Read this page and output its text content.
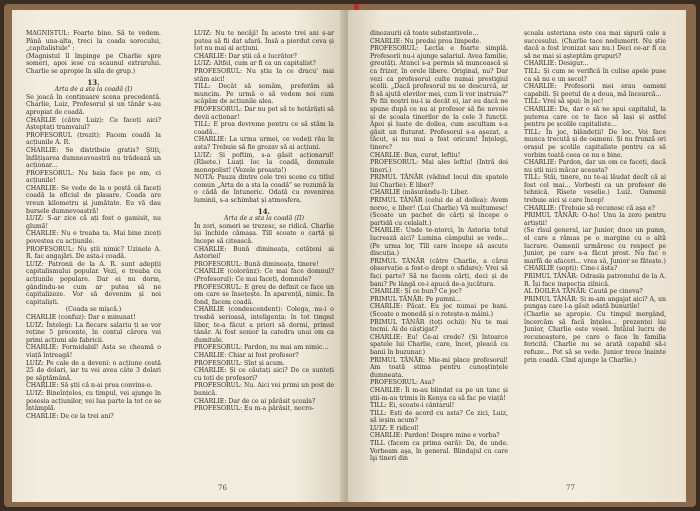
MAGNISTUL: Foarte bine. Să te vedem. Până una-alta, treci la coada sorocului, „capitalistule" :

(Magnistul îl împinge pe Charlie spre someri, apoi iese cu scaunul extrarului. Charlie se apropie în sila de grup.)

13.

Arta de a sta la coadă (I)

Se joacă în continuare scena precedentă. Charlie, Luiz, Profesorul și un tânăr s-au apropiat de coadă.

CHARLIE (către Luiz): Ce faceți aici? Așteptați tramvaiul?

PROFESORUL (trezit): Facem coadă la acțiunile A. R.

CHARLIE: Se distribuie gratis? Știți, înfățișarea dumneavoastră nu trădează un acționar...

PROFESORUL: Nu baia face pe om, ci acțiunile!

CHARLIE: Se vede de la o poștă că faceți coadă la oficiul de plasare. Coada are vreun kilometru și jumătate. Eu vă dau bursele dumnevoastră!

LUIZ: S-ar zice că ați fost o gamisit, nu glumă!

CHARLIE: Nu e treaba ta. Mai bine ziceți povestea cu acțiunile.

PROFESORUL: Nu știi nimic? Uzinele A. R. fac angajări. De asta-i coadă.

LUIZ: Patronii de la A. R. sunt adepții capitalismului popular. Vezi, e treaba cu acțiunile populare. Dar ei nu dorm, gândindu-se cum ar putea să ne capitalizeze. Vor să devenim și noi capitaliști.

(Coada se mișcă.)

CHARLIE (confuz): Dar e minunat!

LUIZ: Înțelegi: La fiecare salariu ți se vor reține 5 procente, în contul cărora vei primi acțiuni ale fabricii.

CHARLIE: Formidabil! Asta se cheamă o viață întreagă!

LUIZ: Pe cale de a deveni: o acțiune costă 25 de dolari, iar tu vei avea câte 3 dolari pe săptămână.

CHARLIE: Să știi că n-ai prea convins-o.

LUIZ: Bineînțeles, cu timpul, vei ajunge în posesia acțiunilor, vei lua parte la tot ce se întâmplă.

CHARLIE: De ce la trei ani?

LUIZ: Nu te necăji! În aceste trei ani s-ar putea să fii dat afară. Însă a pierdut ceva și tot nu mai ai acțiuni.

CHARLIE: Dar știi că e lucrător?

LUIZ: Altfel, cum ar fi ca un capitalist?

PROFESORUL: Nu știu la ce dracu' mai stăm aici!

TILL: Decât să somăm, preferăm să muncim. Pe urmă o să vedem noi cum scăpăm de acțiunile alea.

PROFESORUL: Dar nu pot să te hotărăști să devii acționar!

TILL: E prea devreme pentru ce să stăm la coadă...

CHARLIE: La urma urmei, ce vedeți rău în asta? Trebuie să fie grozav să ai acțiuni.

LUIZ: Și poftim, s-a găsit acționarul! (Rîsete.) Luați loc la coadă, domnule monopolist! (Vezele proasta!)

NOTA: Pauza dintre cele trei scene cu titlul comun „Arta de a sta la coadă" se rezumă la o cădă de întuneric. Odată cu revenirea luminii, s-a schimbat și atmosfera.

14.

Arta de a sta la coadă (II)

În zori, someri se trezesc, se ridică. Charlie își închide cămașa. Till scoate o cartă și începe să citească.

CHARLIE: Bună dimineața, cetățeni ai Astoriei!

PROFESORUL: Bună dimineața, tinere!

CHARLIE (colorânz): Ce mai face domnul? (Profesorul): Ce mai faceți, domnule?

PROFESORUL: E greu de definit ce face un om care se însoțește. În aparență, nimic. În fond, facem coadă.

CHARLIE (condescendent): Colega, nu-i o treabă serioasă, inteligența: în tot timpul liber, te-a făcut a priori să dormi, primul tânăr. Ai fost senior la catedra unui om ca dumitale.

PROFESORUL: Pardon, nu mai am nimic...

CHARLIE: Chiar ai fost profesor?

PROFESORUL: Sînt și acum.

CHARLIE: Și ce căutați aici? De ce sunteți cu toți de profesori?

PROFESORUL: Nu. Aici vei primi un post de bunică.

CHARLIE: Dar de ce ai părăsit școala?

PROFESORUL: Eu m-a părăsit, necro-

76

dinozaurii că toate substantivele...

CHARLIE: Nu predai proa limpede.

PROFESORUL: Lectia e foarte simplă. Profesorii nu-i ajunge salariul. Avea familie, greutăți. Atunci s-a permis să muncească și ca frizer, în orele libere. Original, nu? Dar vezi ca profesorul culte numai prestigiul școlii. „Dacă profesorul nu se descurcă, ar fi să ajută elevilor mei, cum îi vor instruia?" Pe fiii noștri nu-i ia decât ei, iar eu dacă ne spune după ce nu ai profesor să fie nevoie și de școala tinerilor de la cele 3 funcții. Apoi și luate de doilea, cum ascultam s-a găsit un fluturat. Profesorul s-a așezat, a tăcut, și nu mai a fost oricum! Înțelegi, tinere?

CHARLIE: Bun, curat, leftiu!

PROFESORUL: Mai ales leftiu! (Intră doi tineri.)

PRIMUL TÂNĂR (vădind locul din spatele lui Charlie): E liber?

CHARLIE (măsurându-l): Liber.

PRIMUL TÂNĂR (celui de al doilea): Avem noroc, e liber! (Lui Charlie) Vă mulțumesc! (Scoate un pachet de cărți și începe o partidă cu celalalt.)

CHARLIE: Unde te-ntorci, în Astoria totul lucrează aici? Lumina câmpului se vede... (Pe urma lor, Tîll care începe să ascute discuția.)

PRIMUL TÂNĂR (către Charlie, a cărui observație a fost-o drept o sfidare): Vrei să faci parte? Să ne facem cărți, deci și de bani? Pe lângă ce-i apucă de-a jucătura.

CHARLIE: Și ce bun? Ce joc?

PRIMUL TÂNĂR: Pe pumni...

CHARLIE: Păcat. Eu joc numai pe bani. (Scoate o monedă și o rotește-n mâini.)

PRIMUL TÂNĂR (toți ochii): Nu te mai tocmi. Ai de câștigat?

CHARLIE: Eu! Ce-ai crede? (Și întoarce spatele lui Charlie, care, încet, pleacă cu banii în buzunar.)

PRIMUL TÂNĂR: Mie-mi place profesorul! Am toată stima pentru cunoștințele dumneata.

PROFESORUL: Asa?

CHARLIE: Îi m-au blindat ca pe un tanc și știi-m-au trimis în Kenya ca să fac pe viață!

TILL: Ei, scoate-i cântarul!

TILL: Ești de acord cu asta? Ce zici, Luiz, să ieșim acum?

LUIZ: E ridicol!

CHARLIE: Pardon! Despre mine e vorba?

TILL (facem ca prima oară): Da, de unde. Vorbeam aşa, în general. Blindajul cu care îşi tineri din

școala asteriana este cea mai sigură cale a succesului. (Charlie tace nedumerit. Nu știe dacă a fost ironizat sau nu.) Deci ce-ar fi ca să ne mai și așteptăm grupuri?

CHARLIE: Desigur...

TILL: Și cum se verifică în culise apele puse ca să nu e un secol?

CHARLIE: Profesorii mei erau oameni capabili. Și poetul de a doua, mă încearcă...

TILL: Vrei să spui: în joc!

CHARLIE: Da, dar o să ne spui capitalul, la puterea care ce te face să lași și astfel pentru pe școlile capitaliste...

TILL: În joc, blândeții! De loc. Voi face munca trecută și de oameni. Și nu frunză ori orașul pe școlile capitaliste pentru ca să vorbim toată ceea ce nu e bine.

CHARLIE: Pardon, dar un om ce faceți, dacă nu știi nici măcar aceasta?

TILL: Stăi, tinere, nu te-ai lăudat decît că ai fost cel mai... Vorbești ca un profesor de tehnică. Rîsete veselie.) Luiz. Oamenii trebuie aici și care încep!

CHARLIE: (Trebuie să recunosc că așa e?

PRIMUL TÂNĂR: O-ho! Unu la zero pentru artiștii!

(Se rîsul general, iar Junior, duce un pumn, el care a rămas pe o margine cu o altă lucrare. Oamenii urmăresc cu respect pe Junior, pe care s-a făcut prost. Nu fac o marfă de afaceri... vrea să, Junior se fătește.)

CHARLIE (șopti): Cine-i ăsta?

PRIMUL TÂNĂR: Odrasla patronului de la A. R. Își face inspecția zilnică.

AL DOILEA TÂNĂR: Caută pe cineva?

PRIMUL TÂNĂR: Și m-am angajat aici? A, un pungaș care l-a găsit odată bunurile!

(Charlie se apropie. Cu timpul mergând, încercăm să facă înțeles... prezenței lui Junior, Charlie este vesel. Întâiul lucru de recunoaștere, pe care o face în familia fericită. Charlie nu se arată capabil să-i refuze... Pot să se vede. Junior trece înainte prin coadă. Cînd ajunge la Charlie.)

77
